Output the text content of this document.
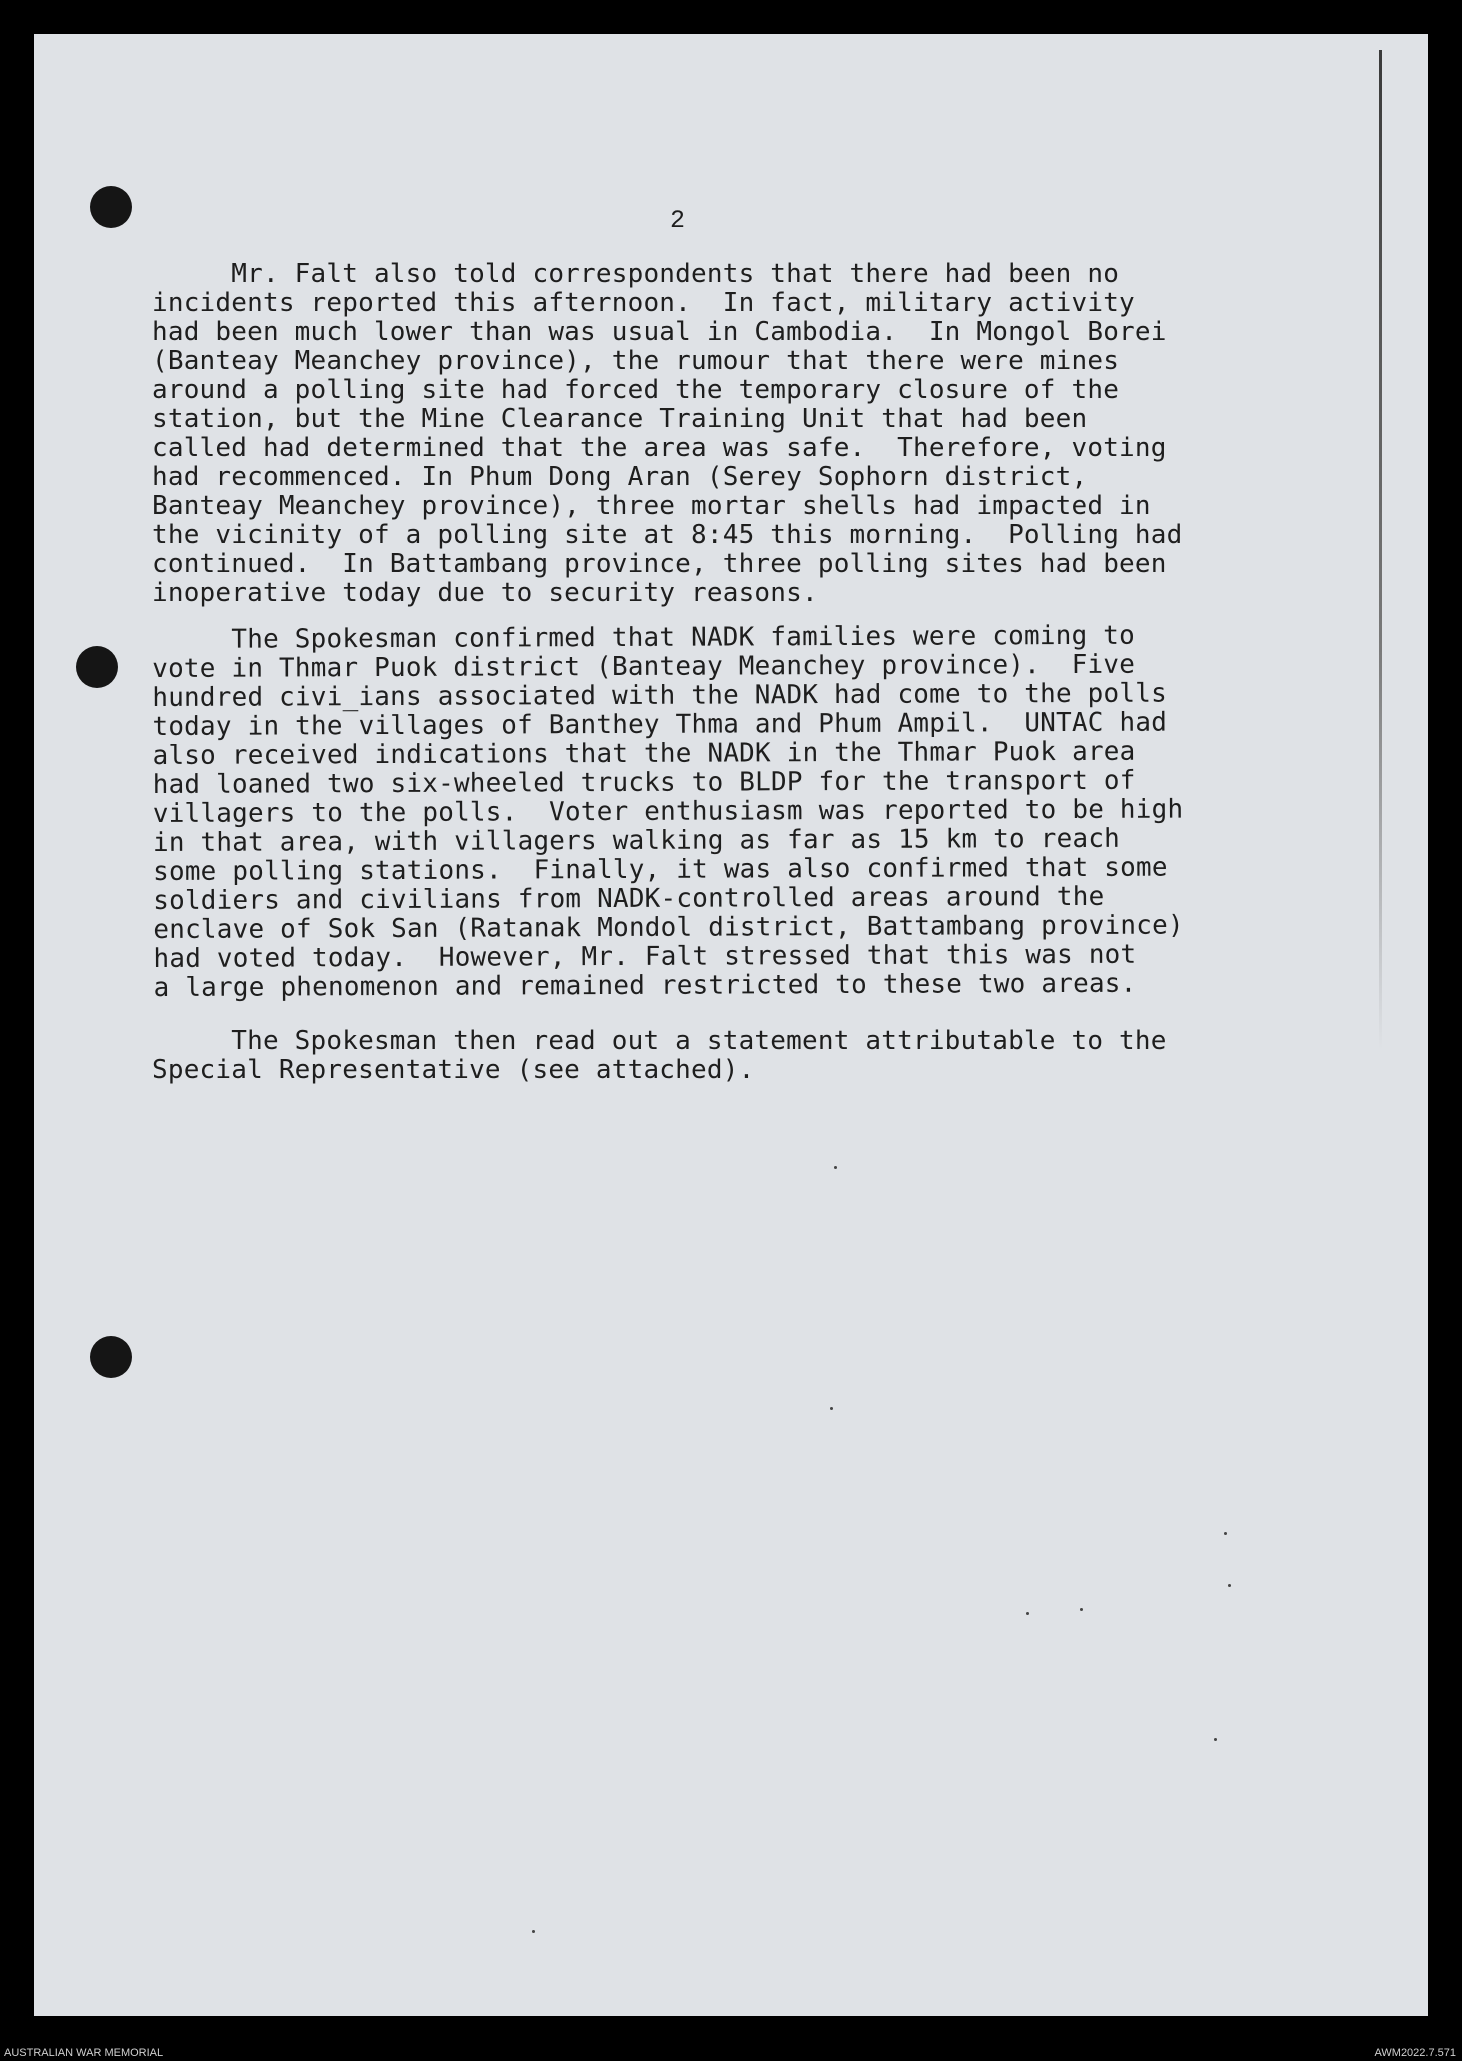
2
Mr. Falt also told correspondents that there had been no
incidents reported this afternoon.  In fact, military activity
had been much lower than was usual in Cambodia.  In Mongol Borei
(Banteay Meanchey province), the rumour that there were mines
around a polling site had forced the temporary closure of the
station, but the Mine Clearance Training Unit that had been
called had determined that the area was safe.  Therefore, voting
had recommenced. In Phum Dong Aran (Serey Sophorn district,
Banteay Meanchey province), three mortar shells had impacted in
the vicinity of a polling site at 8:45 this morning.  Polling had
continued.  In Battambang province, three polling sites had been
inoperative today due to security reasons.
The Spokesman confirmed that NADK families were coming to
vote in Thmar Puok district (Banteay Meanchey province).  Five
hundred civi_ians associated with the NADK had come to the polls
today in the villages of Banthey Thma and Phum Ampil.  UNTAC had
also received indications that the NADK in the Thmar Puok area
had loaned two six-wheeled trucks to BLDP for the transport of
villagers to the polls.  Voter enthusiasm was reported to be high
in that area, with villagers walking as far as 15 km to reach
some polling stations.  Finally, it was also confirmed that some
soldiers and civilians from NADK-controlled areas around the
enclave of Sok San (Ratanak Mondol district, Battambang province)
had voted today.  However, Mr. Falt stressed that this was not
a large phenomenon and remained restricted to these two areas.
The Spokesman then read out a statement attributable to the
Special Representative (see attached).
AUSTRALIAN WAR MEMORIAL	AWM2022.7.571
